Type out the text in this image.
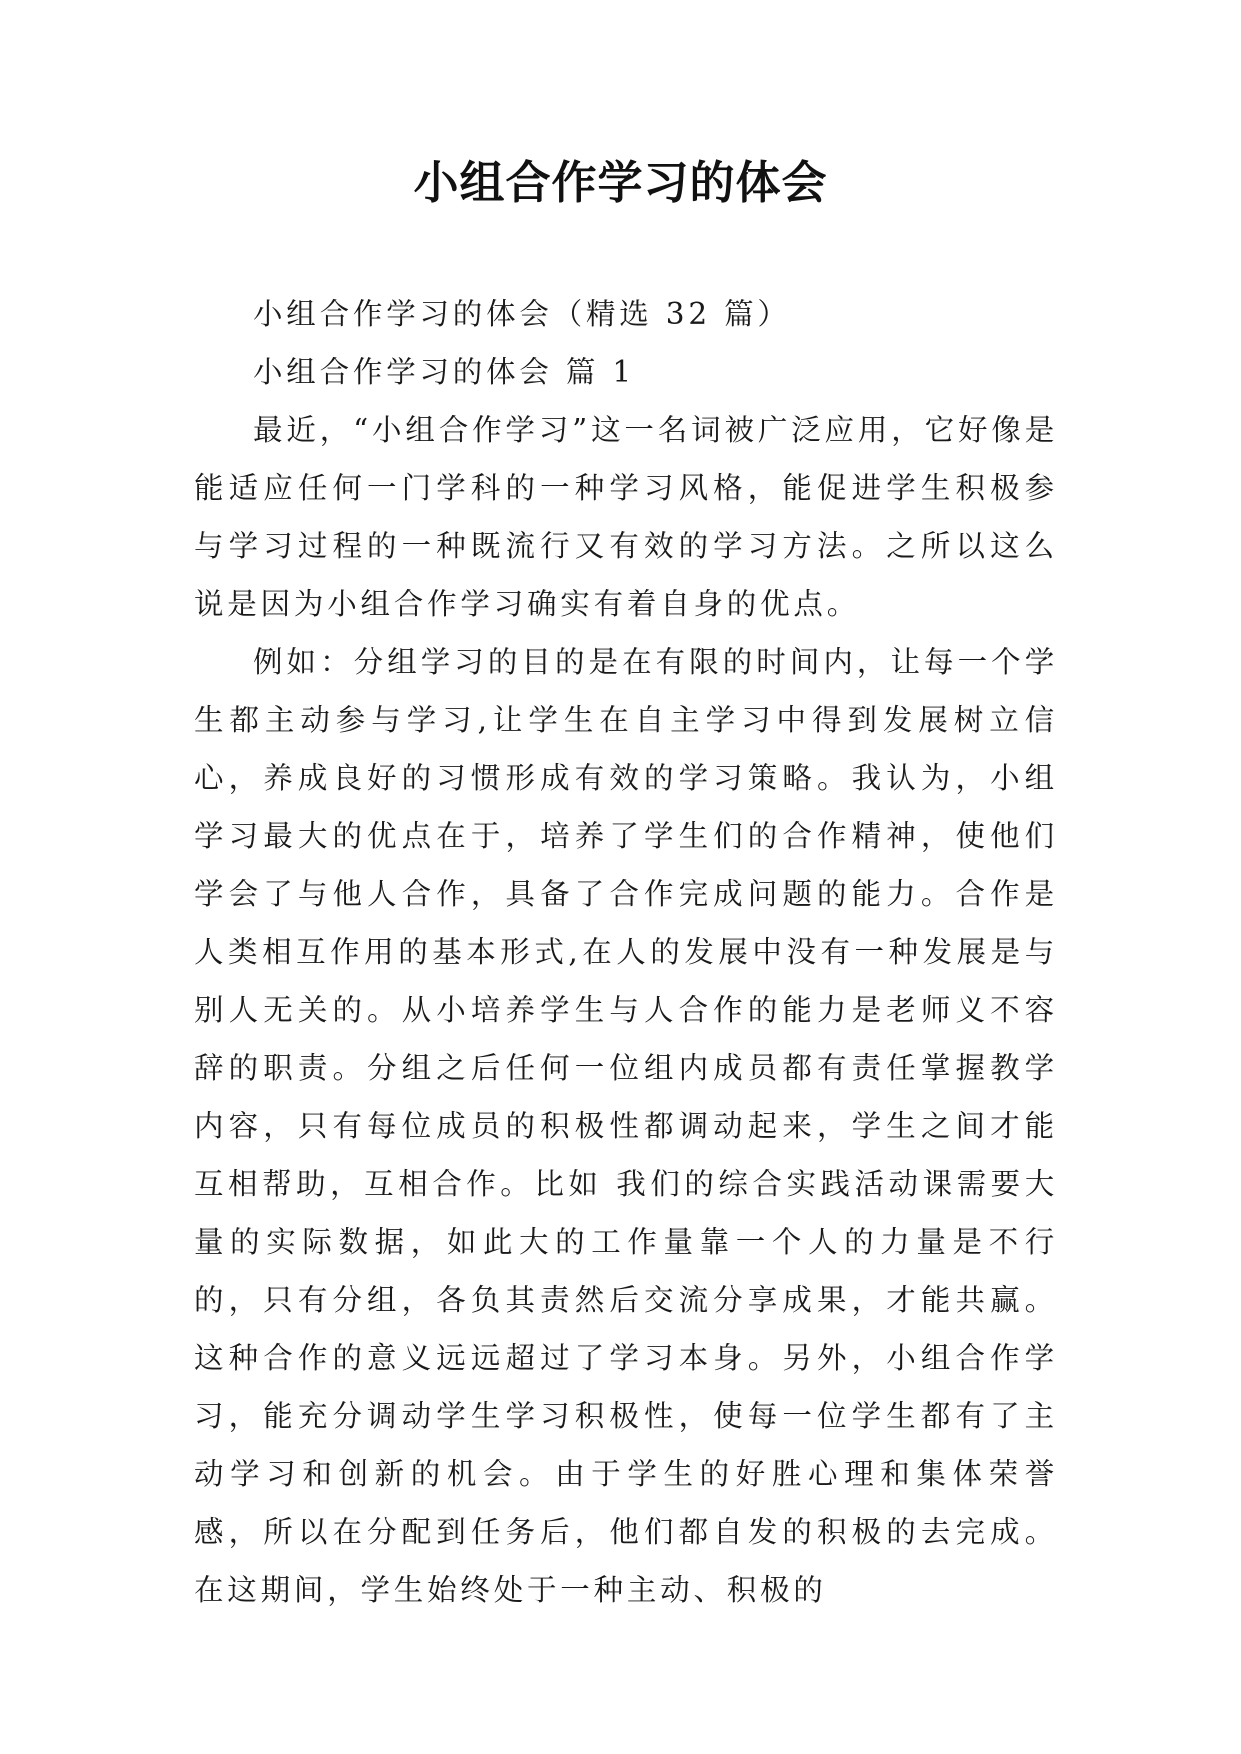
小组合作学习的体会

小组合作学习的体会（精选 32 篇）

小组合作学习的体会 篇 1

最近，“小组合作学习”这一名词被广泛应用，它好像是能适应任何一门学科的一种学习风格，能促进学生积极参与学习过程的一种既流行又有效的学习方法。之所以这么说是因为小组合作学习确实有着自身的优点。

例如：分组学习的目的是在有限的时间内，让每一个学生都主动参与学习,让学生在自主学习中得到发展树立信心，养成良好的习惯形成有效的学习策略。我认为，小组学习最大的优点在于，培养了学生们的合作精神，使他们学会了与他人合作，具备了合作完成问题的能力。合作是人类相互作用的基本形式,在人的发展中没有一种发展是与别人无关的。从小培养学生与人合作的能力是老师义不容辞的职责。分组之后任何一位组内成员都有责任掌握教学内容，只有每位成员的积极性都调动起来，学生之间才能互相帮助，互相合作。比如 我们的综合实践活动课需要大量的实际数据，如此大的工作量靠一个人的力量是不行的，只有分组，各负其责然后交流分享成果，才能共赢。这种合作的意义远远超过了学习本身。另外，小组合作学习，能充分调动学生学习积极性，使每一位学生都有了主动学习和创新的机会。由于学生的好胜心理和集体荣誉感，所以在分配到任务后，他们都自发的积极的去完成。在这期间，学生始终处于一种主动、积极的
